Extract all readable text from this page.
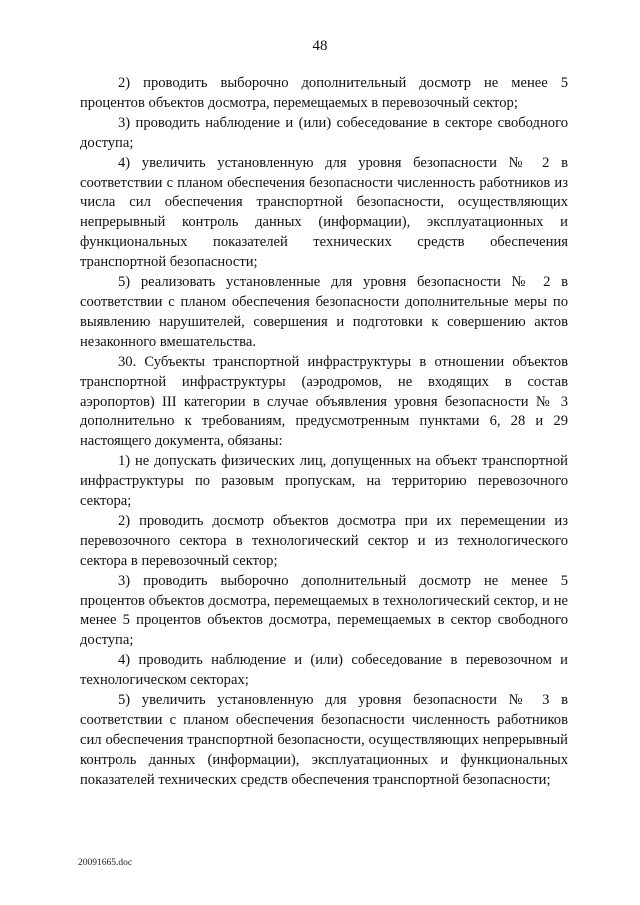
48

2) проводить выборочно дополнительный досмотр не менее 5 процентов объектов досмотра, перемещаемых в перевозочный сектор;

3) проводить наблюдение и (или) собеседование в секторе свободного доступа;

4) увеличить установленную для уровня безопасности № 2 в соответствии с планом обеспечения безопасности численность работников из числа сил обеспечения транспортной безопасности, осуществляющих непрерывный контроль данных (информации), эксплуатационных и функциональных показателей технических средств обеспечения транспортной безопасности;

5) реализовать установленные для уровня безопасности № 2 в соответствии с планом обеспечения безопасности дополнительные меры по выявлению нарушителей, совершения и подготовки к совершению актов незаконного вмешательства.

30. Субъекты транспортной инфраструктуры в отношении объектов транспортной инфраструктуры (аэродромов, не входящих в состав аэропортов) III категории в случае объявления уровня безопасности № 3 дополнительно к требованиям, предусмотренным пунктами 6, 28 и 29 настоящего документа, обязаны:

1) не допускать физических лиц, допущенных на объект транспортной инфраструктуры по разовым пропускам, на территорию перевозочного сектора;

2) проводить досмотр объектов досмотра при их перемещении из перевозочного сектора в технологический сектор и из технологического сектора в перевозочный сектор;

3) проводить выборочно дополнительный досмотр не менее 5 процентов объектов досмотра, перемещаемых в технологический сектор, и не менее 5 процентов объектов досмотра, перемещаемых в сектор свободного доступа;

4) проводить наблюдение и (или) собеседование в перевозочном и технологическом секторах;

5) увеличить установленную для уровня безопасности № 3 в соответствии с планом обеспечения безопасности численность работников сил обеспечения транспортной безопасности, осуществляющих непрерывный контроль данных (информации), эксплуатационных и функциональных показателей технических средств обеспечения транспортной безопасности;

20091665.doc
